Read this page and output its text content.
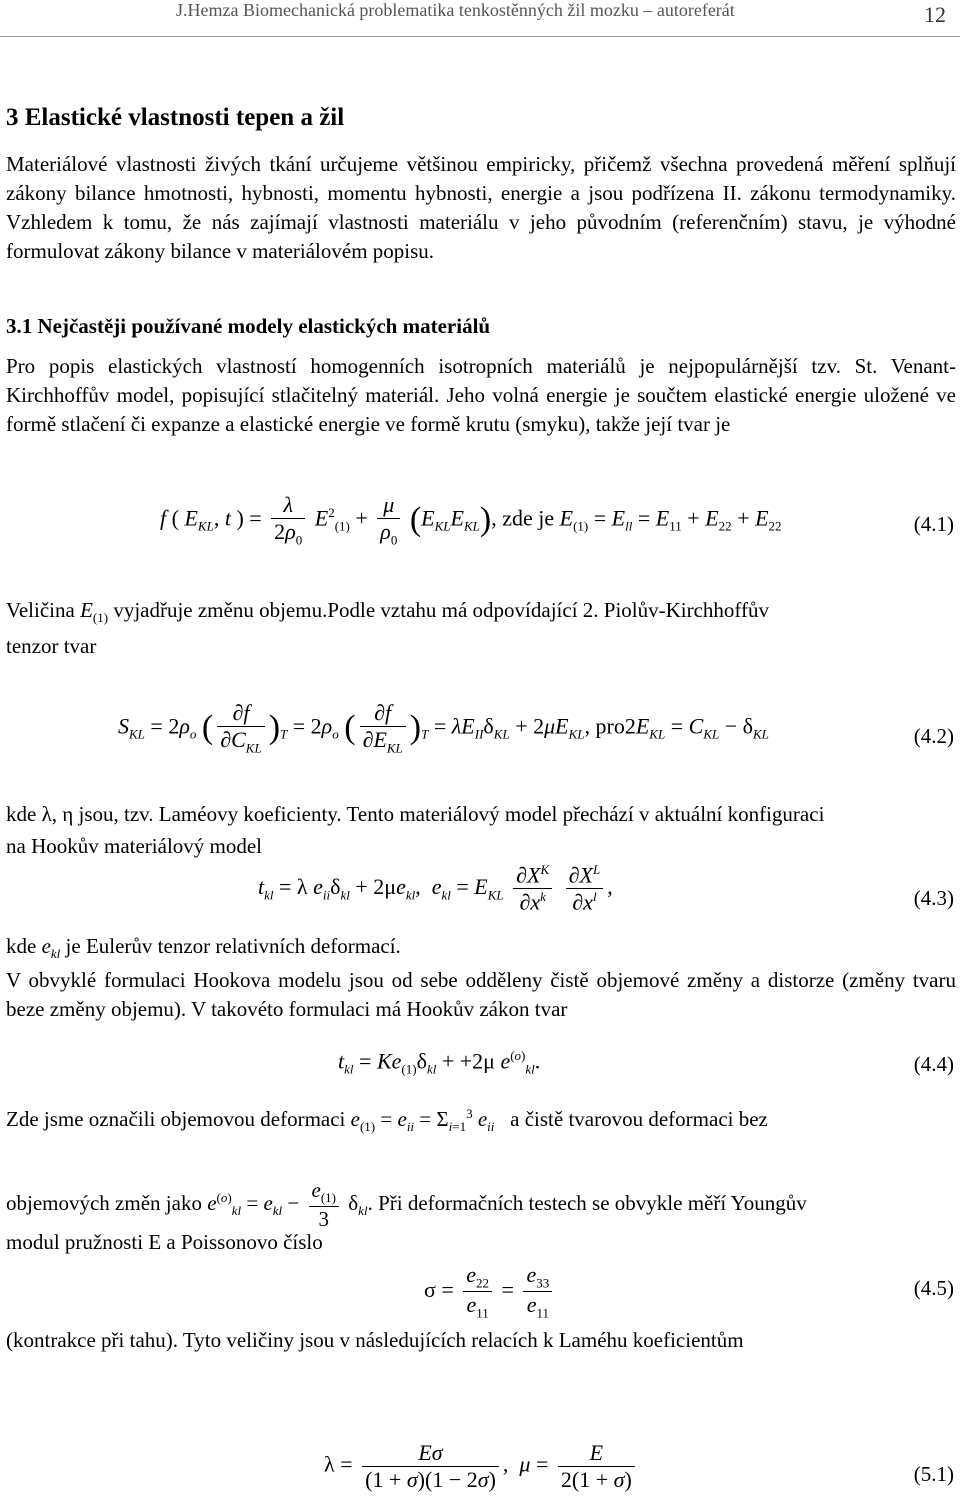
J.Hemza Biomechanická problematika tenkostěnných žil mozku – autoreferát	12
3 Elastické vlastnosti tepen a žil

Materiálové vlastnosti živých tkání určujeme většinou empiricky, přičemž všechna provedená měření splňují zákony bilance hmotnosti, hybnosti, momentu hybnosti, energie a jsou podřízena II. zákonu termodynamiky. Vzhledem k tomu, že nás zajímají vlastnosti materiálu v jeho původním (referenčním) stavu, je výhodné formulovat zákony bilance v materiálovém popisu.

3.1 Nejčastěji používané modely elastických materiálů

Pro popis elastických vlastností homogenních isotropních materiálů je nejpopulárnější tzv. St. Venant-Kirchhoffův model, popisující stlačitelný materiál. Jeho volná energie je součtem elastické energie uložené ve formě stlačení či expanze a elastické energie ve formě krutu (smyku), takže její tvar je

f ( $E_{KL}$, t ) = $\frac{\lambda}{2\rho_0} E^2_{(1)} + \frac{\mu}{\rho_0} (E_{KL}E_{KL})$, zde je $E_{(1)} = E_{ll} = E_{11} + E_{22} + E_{22}$	(4.1)
Veličina $E_{(1)}$ vyjadřuje změnu objemu.Podle vztahu má odpovídající 2. Piolův-Kirchhoffův
tenzor tvar
$S_{KL} = 2\rho_o$ ( $\frac{\partial f}{\partial C_{KL}} )_T = 2\rho_o$ ( $\frac{\partial f}{\partial E_{KL}} )_T = \lambda E_{II}\delta_{KL} + 2\mu E_{KL}$, $pro2E_{KL} = C_{KL} - \delta_{KL}$	(4.2)

kde λ, η jsou, tzv. Laméovy koeficienty. Tento materiálový model přechází v aktuální konfiguraci

na Hookův materiálový model
$t_{kl} = \lambda$ $e_{ii}\delta_{kl} + 2\mu e_{kl}$,  $e_{kl} = E_{KL} \frac{\partial X^K}{\partial x^k}$
$\frac{\partial X^L}{\partial x^l}$ ,	(4.3)
kde $e_{kl}$ je Eulerův tenzor relativních deformací.

V obvyklé formulaci Hookova modelu jsou od sebe odděleny čistě objemové změny a distorze (změny tvaru beze změny objemu). V takovéto formulaci má Hookův zákon tvar

$t_{kl} = Ke_{(1)}\delta_{kl} + +2\mu$ $e^{(o)}_{kl}$.	(4.4)
Zde jsme označili objemovou deformaci $e_{(1)} = e_{ii} = \Sigma_{i=1}^3$ $e_{ii}$ a čistě tvarovou deformaci bez
objemových změn jako $e^{(o)}_{kl} = e_{kl} - \frac{e_{(1)}}{3} \delta_{kl}$. Při deformačních testech se obvykle měří Youngův
modul pružnosti E a Poissonovo číslo
$\sigma = \frac{e_{22}}{e_{11}} = \frac{e_{33}}{e_{11}}$	(4.5)
(kontrakce při tahu). Tyto veličiny jsou v následujících relacích k Laméhu koeficientům
$\lambda = \frac{E\sigma}{(1 + \sigma)(1 - 2\sigma)}$ ,  $\mu = \frac{E}{2(1 + \sigma)}$	(5.1)
